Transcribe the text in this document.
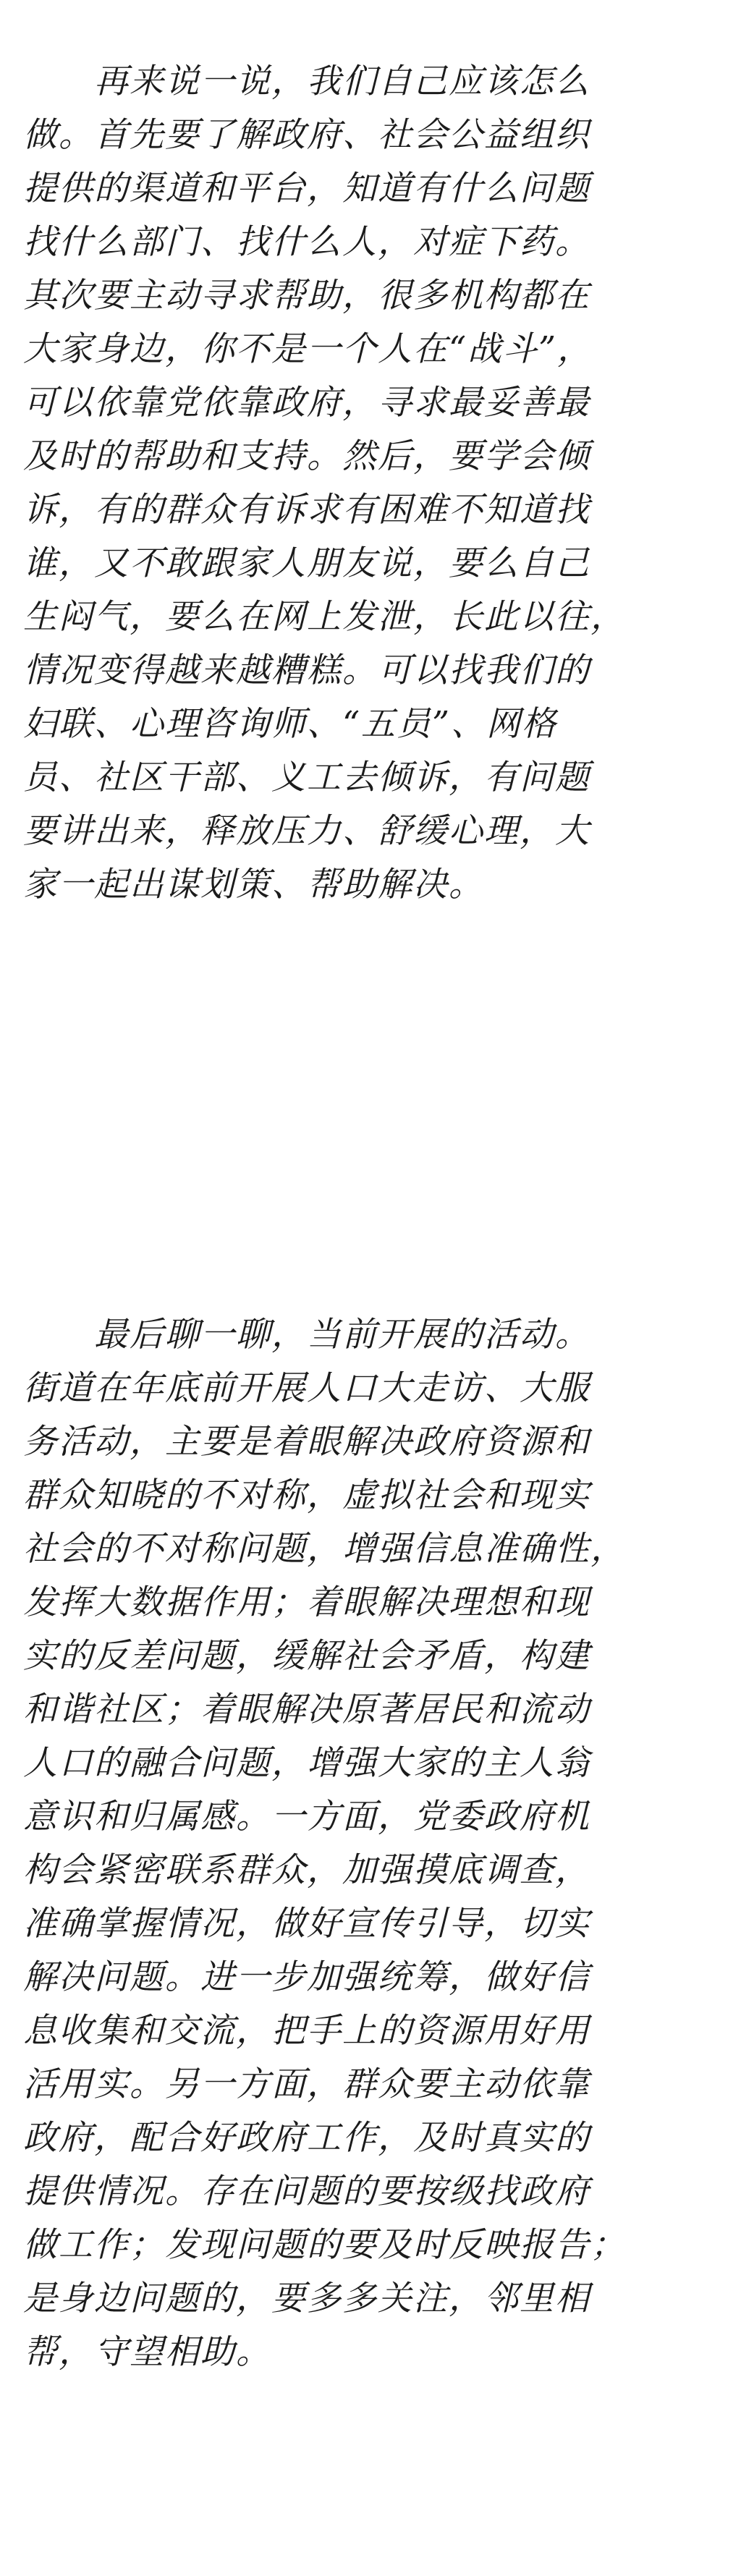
　　再来说一说，我们自己应该怎么
做。首先要了解政府、社会公益组织
提供的渠道和平台，知道有什么问题
找什么部门、找什么人，对症下药。
其次要主动寻求帮助，很多机构都在
大家身边，你不是一个人在“战斗”，
可以依靠党依靠政府，寻求最妥善最
及时的帮助和支持。然后，要学会倾
诉，有的群众有诉求有困难不知道找
谁，又不敢跟家人朋友说，要么自己
生闷气，要么在网上发泄，长此以往，
情况变得越来越糟糕。可以找我们的
妇联、心理咨询师、“五员”、网格
员、社区干部、义工去倾诉，有问题
要讲出来，释放压力、舒缓心理，大
家一起出谋划策、帮助解决。
　　最后聊一聊，当前开展的活动。
街道在年底前开展人口大走访、大服
务活动，主要是着眼解决政府资源和
群众知晓的不对称，虚拟社会和现实
社会的不对称问题，增强信息准确性，
发挥大数据作用；着眼解决理想和现
实的反差问题，缓解社会矛盾，构建
和谐社区；着眼解决原著居民和流动
人口的融合问题，增强大家的主人翁
意识和归属感。一方面，党委政府机
构会紧密联系群众，加强摸底调查，
准确掌握情况，做好宣传引导，切实
解决问题。进一步加强统筹，做好信
息收集和交流，把手上的资源用好用
活用实。另一方面，群众要主动依靠
政府，配合好政府工作，及时真实的
提供情况。存在问题的要按级找政府
做工作；发现问题的要及时反映报告；
是身边问题的，要多多关注，邻里相
帮，守望相助。
